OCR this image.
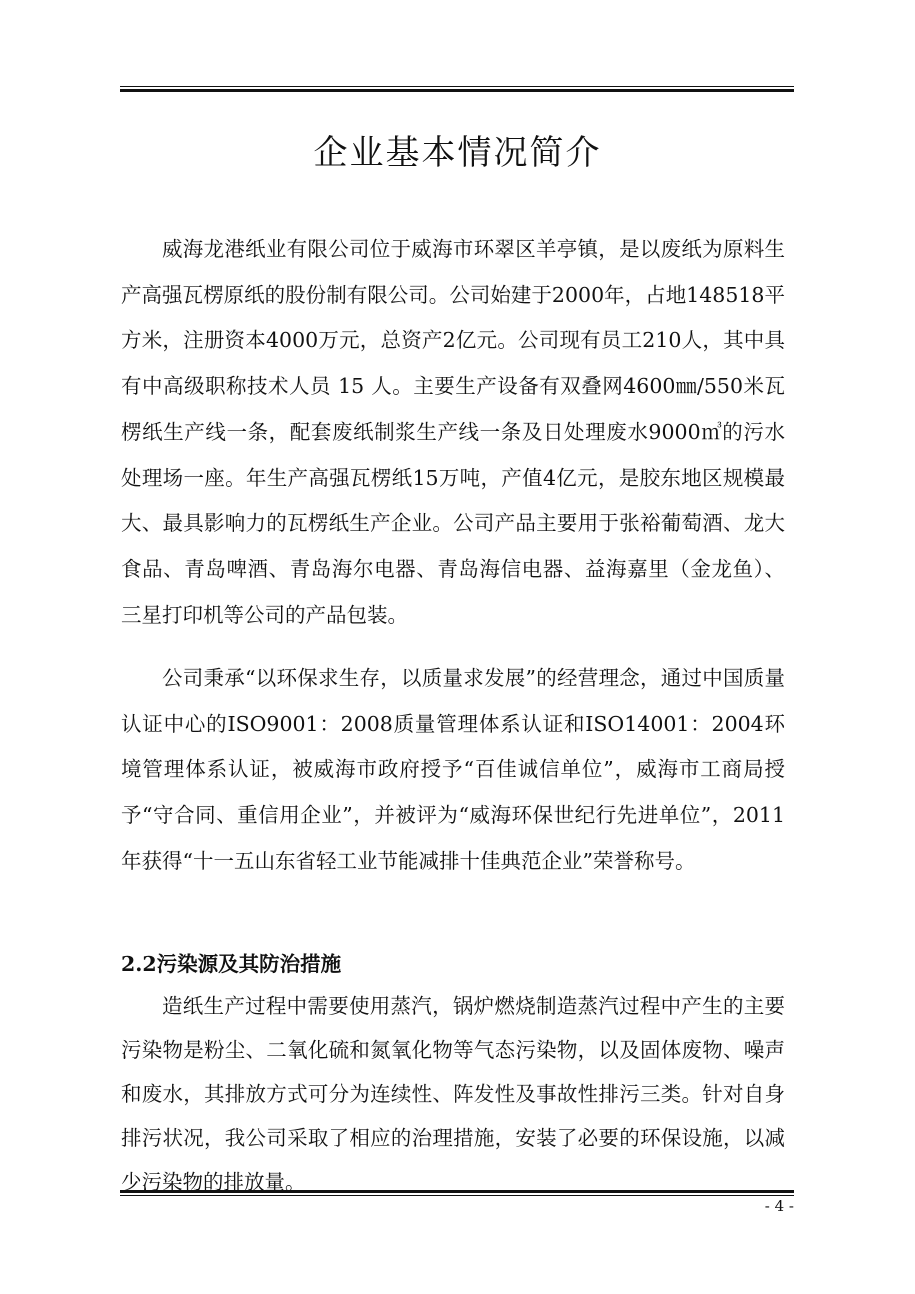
企业基本情况简介

威海龙港纸业有限公司位于威海市环翠区羊亭镇，是以废纸为原料生产高强瓦楞原纸的股份制有限公司。公司始建于2000年，占地148518平方米，注册资本4000万元，总资产2亿元。公司现有员工210人，其中具有中高级职称技术人员 15 人。主要生产设备有双叠网4600㎜/550米瓦楞纸生产线一条，配套废纸制浆生产线一条及日处理废水9000㎥的污水处理场一座。年生产高强瓦楞纸15万吨，产值4亿元，是胶东地区规模最大、最具影响力的瓦楞纸生产企业。公司产品主要用于张裕葡萄酒、龙大食品、青岛啤酒、青岛海尔电器、青岛海信电器、益海嘉里（金龙鱼）、三星打印机等公司的产品包装。

公司秉承“以环保求生存，以质量求发展”的经营理念，通过中国质量认证中心的ISO9001：2008质量管理体系认证和ISO14001：2004环境管理体系认证，被威海市政府授予“百佳诚信单位”，威海市工商局授予“守合同、重信用企业”，并被评为“威海环保世纪行先进单位”，2011年获得“十一五山东省轻工业节能减排十佳典范企业”荣誉称号。

2.2污染源及其防治措施

造纸生产过程中需要使用蒸汽，锅炉燃烧制造蒸汽过程中产生的主要污染物是粉尘、二氧化硫和氮氧化物等气态污染物，以及固体废物、噪声和废水，其排放方式可分为连续性、阵发性及事故性排污三类。针对自身排污状况，我公司采取了相应的治理措施，安装了必要的环保设施，以减少污染物的排放量。

- 4 -
